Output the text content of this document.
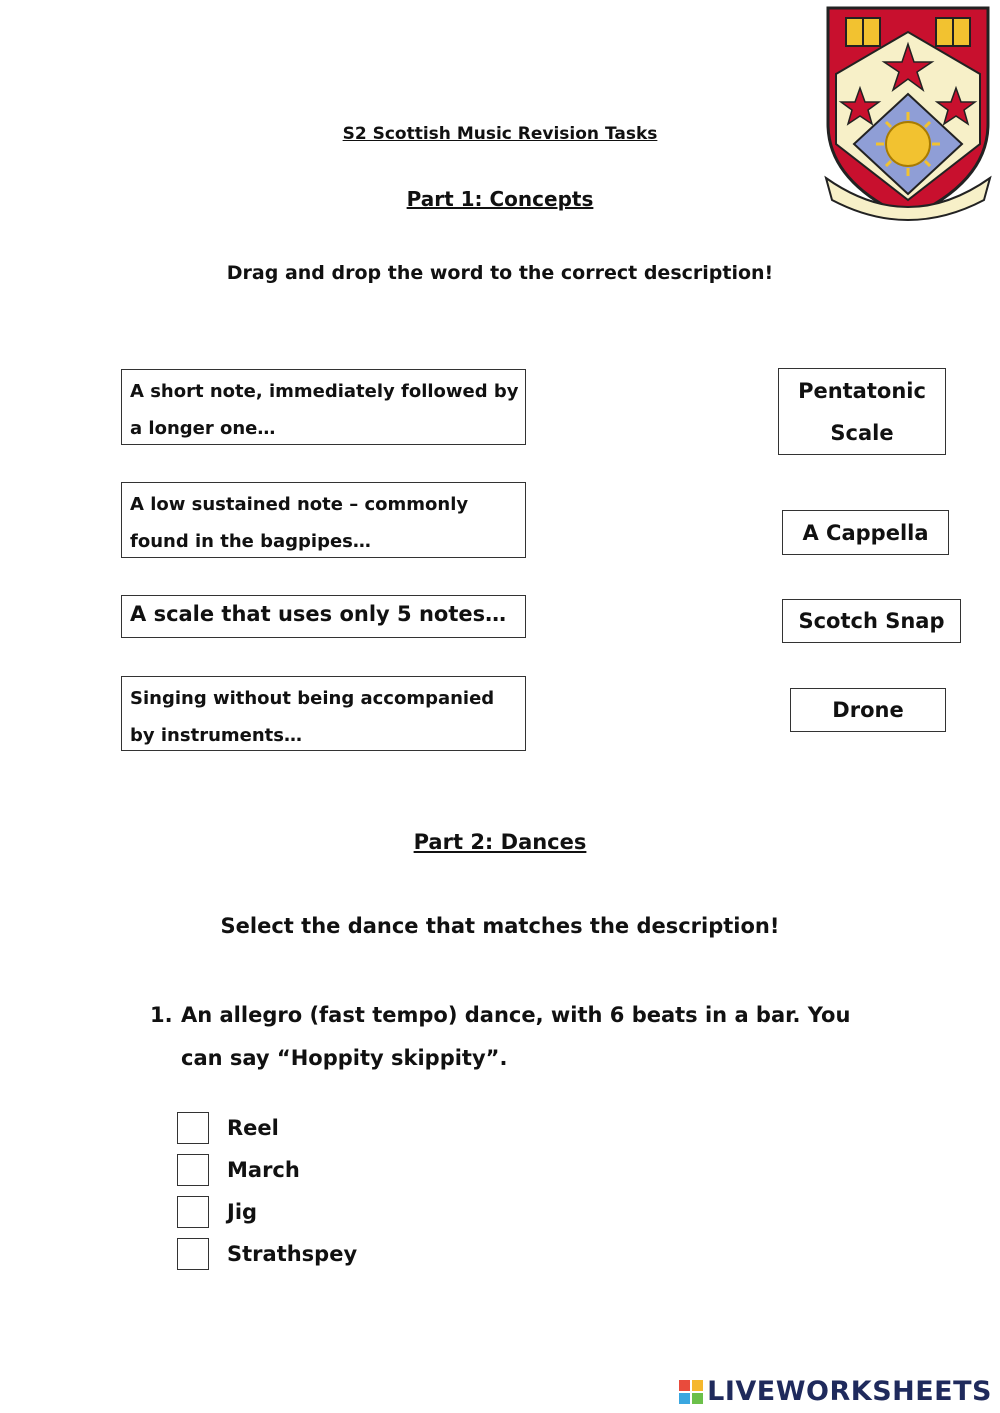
S2 Scottish Music Revision Tasks
Part 1: Concepts
Drag and drop the word to the correct description!
A short note, immediately followed by a longer one…
A low sustained note – commonly found in the bagpipes…
A scale that uses only 5 notes…
Singing without being accompanied by instruments…
Pentatonic Scale
A Cappella
Scotch Snap
Drone
Part 2: Dances
Select the dance that matches the description!
1. An allegro (fast tempo) dance, with 6 beats in a bar. You can say “Hoppity skippity”.
Reel
March
Jig
Strathspey
LIVEWORKSHEETS
